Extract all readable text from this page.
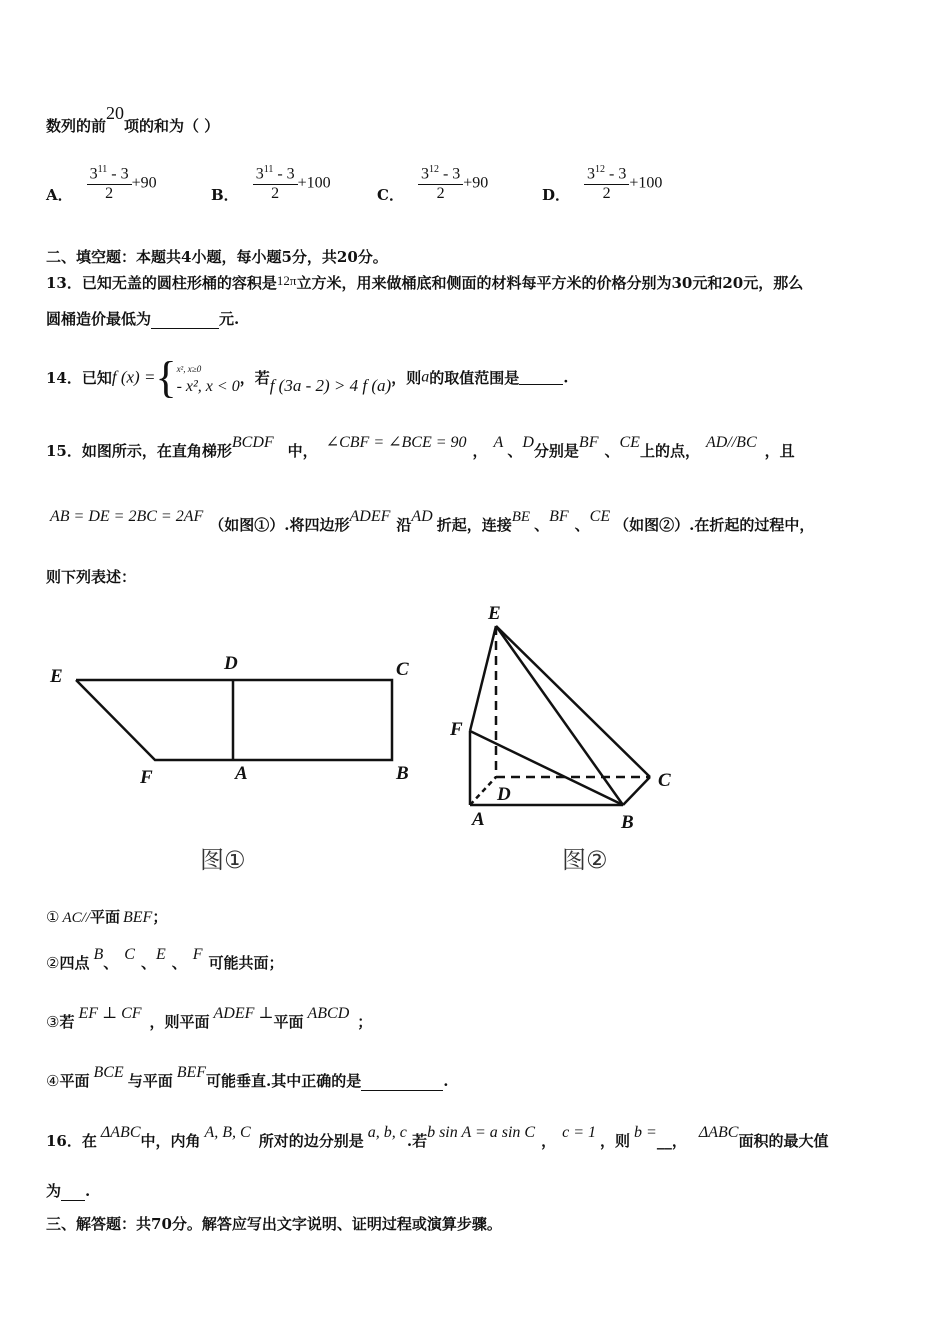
数列的前20项的和为（ ）
A． $\frac{3^{11} - 3}{2} +90$
B． $\frac{3^{11} - 3}{2} +100$
C． $\frac{3^{12} - 3}{2} +90$
D． $\frac{3^{12} - 3}{2} +100$
二、填空题：本题共4小题，每小题5分，共20分。
13．已知无盖的圆柱形桶的容积是12π立方米，用来做桶底和侧面的材料每平方米的价格分别为30元和20元，那么
圆桶造价最低为	元.
14．已知f (x) ={ x², x≥0
- x², x < 0 ，若f (3a - 2) > 4 f (a)，则a的取值范围是	.
15．如图所示，在直角梯形BCDF 中， ∠CBF = ∠BCE = 90 ， A 、D分别是BF 、CE上的点， AD//BC ，且
AB = DE = 2BC = 2AF （如图①）.将四边形ADEF 沿AD 折起，连接BE 、BF 、CE （如图②）.在折起的过程中，
则下列表述：
E
D	C
F	A	B
图①
E
F
D
C
A	B
图②
① AC//平面 BEF；
②四点 B、 C 、E 、 F 可能共面；
③若 EF ⊥ CF ，则平面 ADEF ⊥平面 ABCD ；
④平面 BCE 与平面 BEF可能垂直.其中正确的是	.
16．在 ΔABC中，内角 A, B, C 所对的边分别是 a, b, c.若b sin A = a sin C ， c = 1 ，则 b =__， ΔABC面积的最大值
为 .
三、解答题：共70分。解答应写出文字说明、证明过程或演算步骤。
